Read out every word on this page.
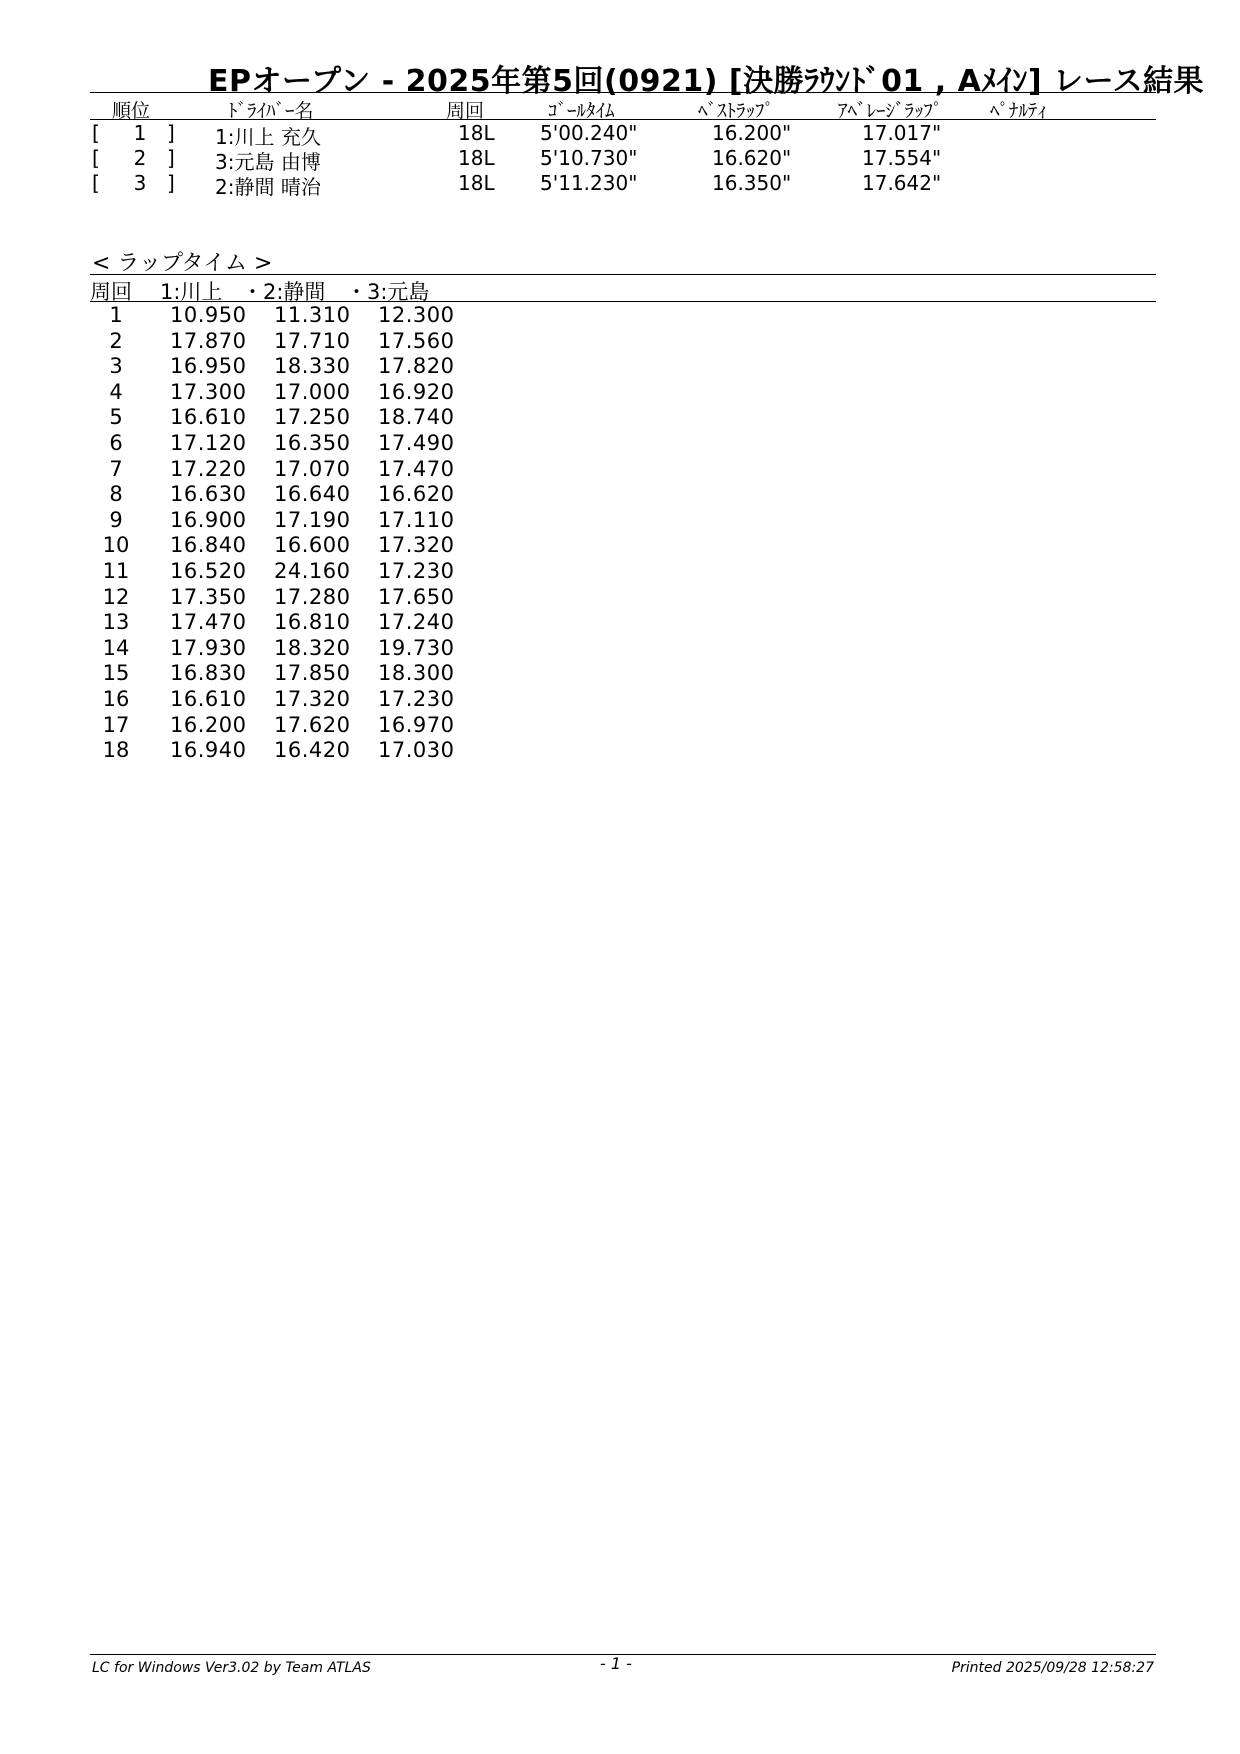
EPオープン - 2025年第5回(0921) [決勝ﾗｳﾝﾄﾞ01 , Aﾒｲﾝ] レース結果
順位	ﾄﾞﾗｲﾊﾞｰ名	周回	ｺﾞｰﾙﾀｲﾑ	ﾍﾞｽﾄﾗｯﾌﾟ	ｱﾍﾞﾚｰｼﾞﾗｯﾌﾟ ﾍﾟﾅﾙﾃｨ
[	1	] 1:川上 充久	18L 5'00.240"	16.200"	17.017"
[	2	] 3:元島 由博	18L 5'10.730"	16.620"	17.554"
[	3	] 2:静間 晴治	18L 5'11.230"	16.350"	17.642"
< ラップタイム >
周回 1:川上 ・2:静間 ・3:元島
1	10.950 11.310 12.300
2	17.870 17.710 17.560
3	16.950 18.330 17.820
4	17.300 17.000 16.920
5	16.610 17.250 18.740
6	17.120 16.350 17.490
7	17.220 17.070 17.470
8	16.630 16.640 16.620
9	16.900 17.190 17.110
10	16.840 16.600 17.320
11	16.520 24.160 17.230
12	17.350 17.280 17.650
13	17.470 16.810 17.240
14	17.930 18.320 19.730
15	16.830 17.850 18.300
16	16.610 17.320 17.230
17	16.200 17.620 16.970
18	16.940 16.420 17.030
LC for Windows Ver3.02 by Team ATLAS	- 1 -	Printed 2025/09/28 12:58:27
